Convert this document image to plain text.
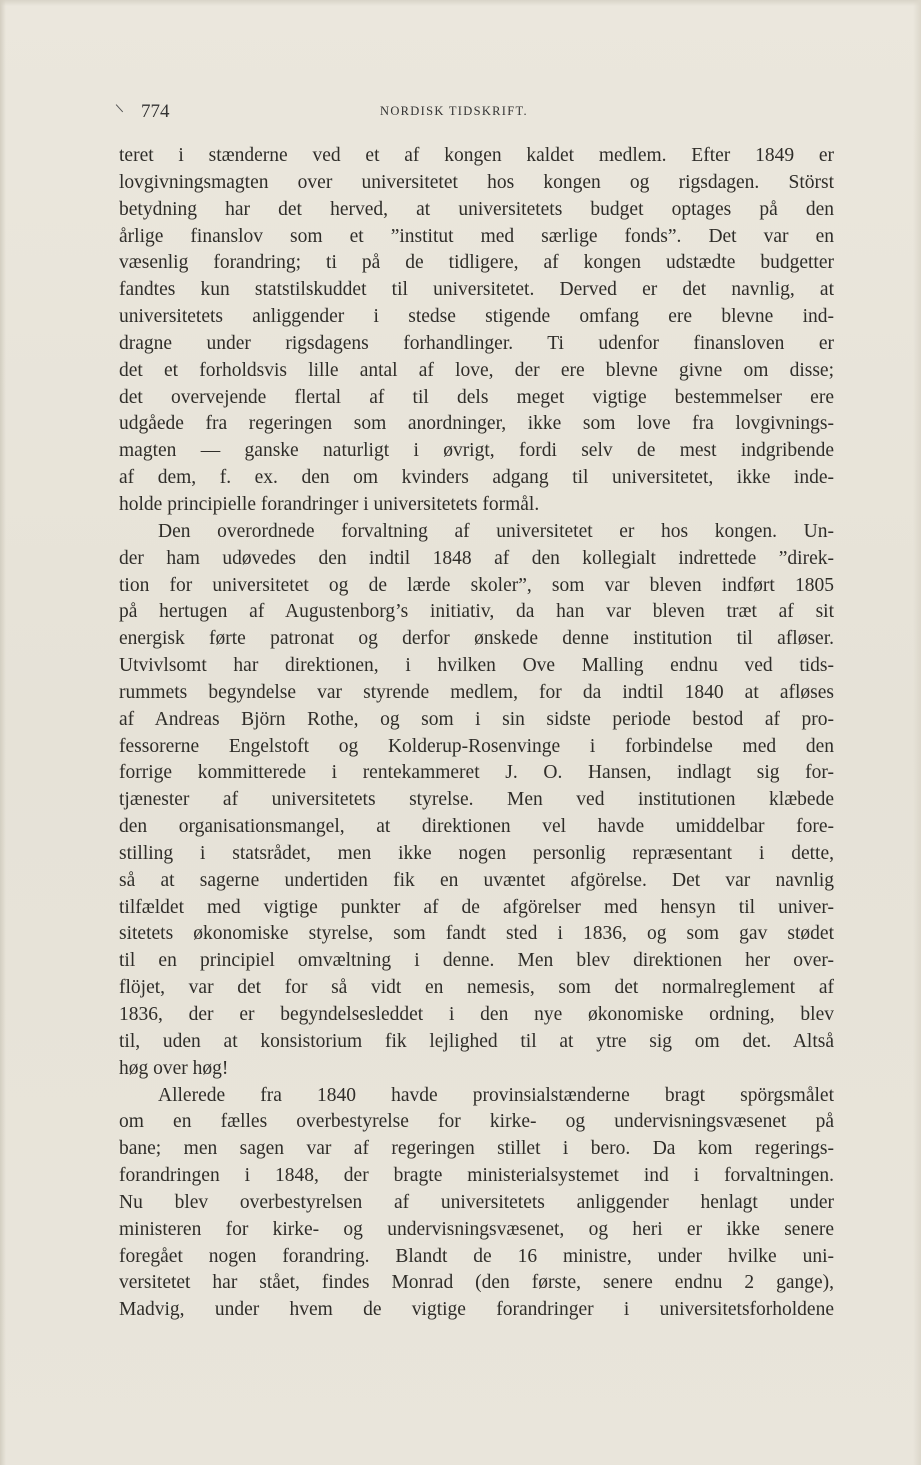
774	NORDISK TIDSKRIFT.
teret i stænderne ved et af kongen kaldet medlem. Efter 1849 er
lovgivningsmagten over universitetet hos kongen og rigsdagen. Störst
betydning har det herved, at universitetets budget optages på den
årlige finanslov som et ”institut med særlige fonds”. Det var en
væsenlig forandring; ti på de tidligere, af kongen udstædte budgetter
fandtes kun statstilskuddet til universitetet. Derved er det navnlig, at
universitetets anliggender i stedse stigende omfang ere blevne ind-
dragne under rigsdagens forhandlinger. Ti udenfor finansloven er
det et forholdsvis lille antal af love, der ere blevne givne om disse;
det overvejende flertal af til dels meget vigtige bestemmelser ere
udgåede fra regeringen som anordninger, ikke som love fra lovgivnings-
magten — ganske naturligt i øvrigt, fordi selv de mest indgribende
af dem, f. ex. den om kvinders adgang til universitetet, ikke inde-
holde principielle forandringer i universitetets formål.
  Den overordnede forvaltning af universitetet er hos kongen. Un-
der ham udøvedes den indtil 1848 af den kollegialt indrettede ”direk-
tion for universitetet og de lærde skoler”, som var bleven indført 1805
på hertugen af Augustenborg’s initiativ, da han var bleven træt af sit
energisk førte patronat og derfor ønskede denne institution til afløser.
Utvivlsomt har direktionen, i hvilken Ove Malling endnu ved tids-
rummets begyndelse var styrende medlem, for da indtil 1840 at afløses
af Andreas Björn Rothe, og som i sin sidste periode bestod af pro-
fessorerne Engelstoft og Kolderup-Rosenvinge i forbindelse med den
forrige kommitterede i rentekammeret J. O. Hansen, indlagt sig for-
tjænester af universitetets styrelse. Men ved institutionen klæbede
den organisationsmangel, at direktionen vel havde umiddelbar fore-
stilling i statsrådet, men ikke nogen personlig repræsentant i dette,
så at sagerne undertiden fik en uvæntet afgörelse. Det var navnlig
tilfældet med vigtige punkter af de afgörelser med hensyn til univer-
sitetets økonomiske styrelse, som fandt sted i 1836, og som gav stødet
til en principiel omvæltning i denne. Men blev direktionen her over-
flöjet, var det for så vidt en nemesis, som det normalreglement af
1836, der er begyndelsesleddet i den nye økonomiske ordning, blev
til, uden at konsistorium fik lejlighed til at ytre sig om det. Altså
høg over høg!
  Allerede fra 1840 havde provinsialstænderne bragt spörgsmålet
om en fælles overbestyrelse for kirke- og undervisningsvæsenet på
bane; men sagen var af regeringen stillet i bero. Da kom regerings-
forandringen i 1848, der bragte ministerialsystemet ind i forvaltningen.
Nu blev overbestyrelsen af universitetets anliggender henlagt under
ministeren for kirke- og undervisningsvæsenet, og heri er ikke senere
foregået nogen forandring. Blandt de 16 ministre, under hvilke uni-
versitetet har stået, findes Monrad (den første, senere endnu 2 gange),
Madvig, under hvem de vigtige forandringer i universitetsforholdene
